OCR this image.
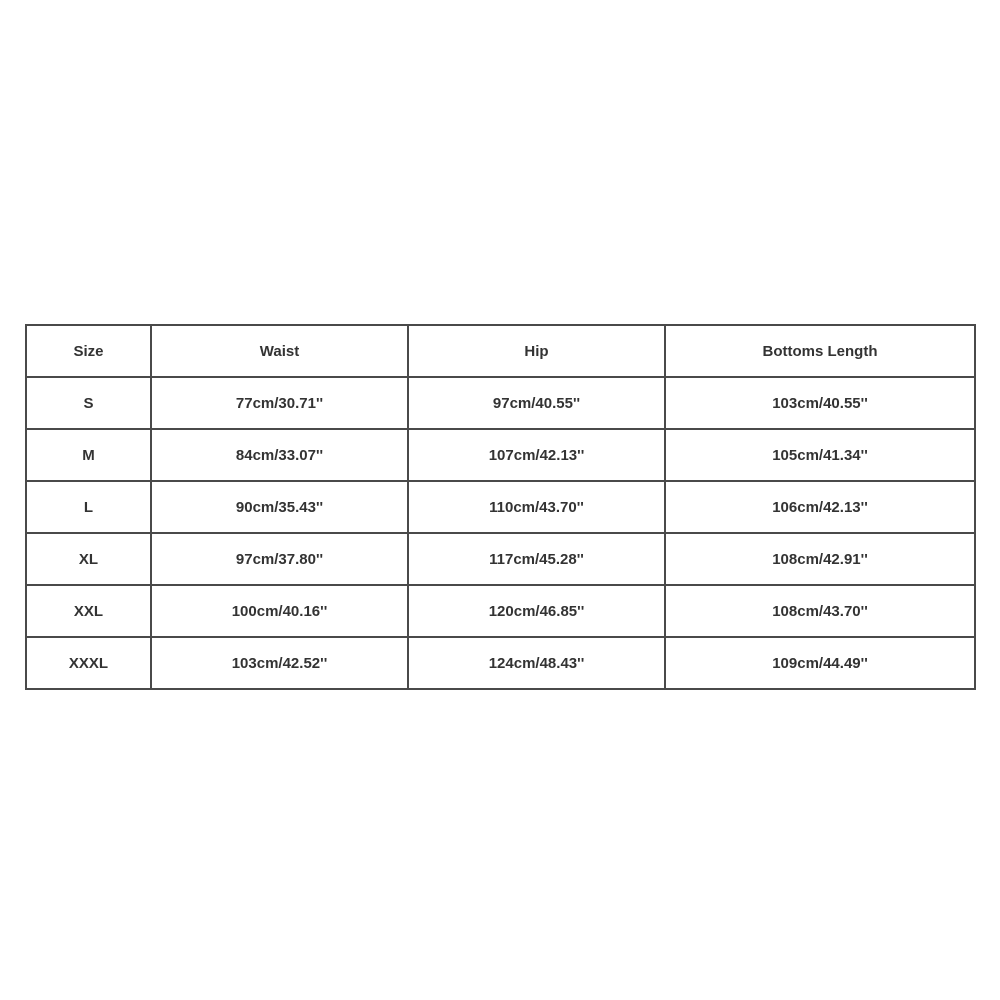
Size	Waist	Hip	Bottoms Length
S	77cm/30.71''	97cm/40.55''	103cm/40.55''
M	84cm/33.07''	107cm/42.13''	105cm/41.34''
L	90cm/35.43''	110cm/43.70''	106cm/42.13''
XL	97cm/37.80''	117cm/45.28''	108cm/42.91''
XXL	100cm/40.16''	120cm/46.85''	108cm/43.70''
XXXL	103cm/42.52''	124cm/48.43''	109cm/44.49''
